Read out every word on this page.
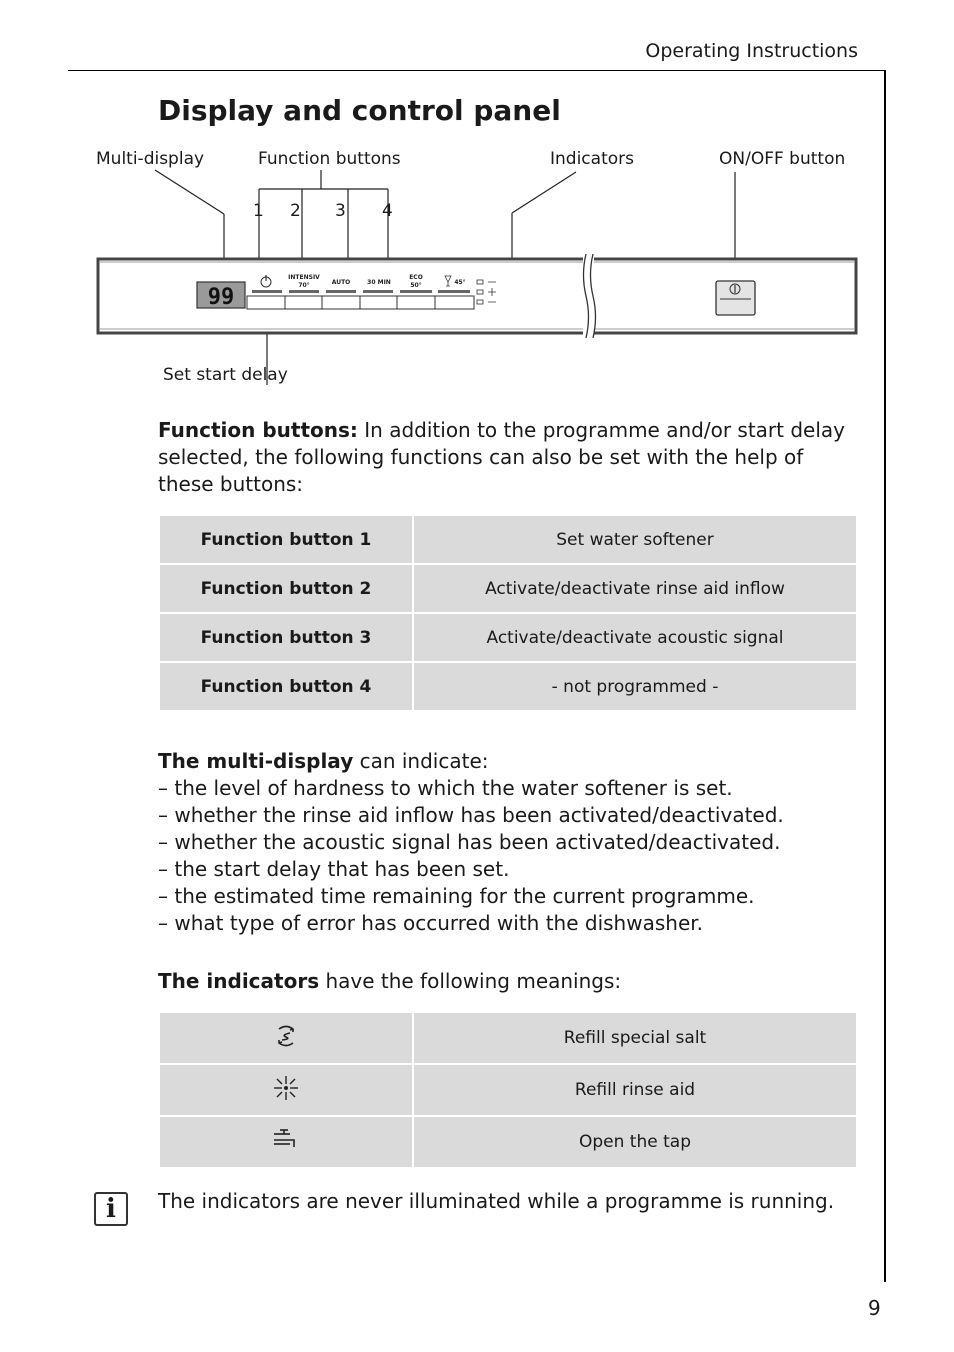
Operating Instructions
Display and control panel
Multi-display	Function buttons	Indicators	ON/OFF button
Set start delay
1 2 3 4
99
INTENSIV
70°	AUTO	30 MIN
ECO
50°	45°
Function buttons: In addition to the programme and/or start delay selected, the following functions can also be set with the help of these buttons:
Function button 1	Set water softener
Function button 2	Activate/deactivate rinse aid inflow
Function button 3	Activate/deactivate acoustic signal
Function button 4	- not programmed -
The multi-display can indicate:
– the level of hardness to which the water softener is set.
– whether the rinse aid inflow has been activated/deactivated.
– whether the acoustic signal has been activated/deactivated.
– the start delay that has been set.
– the estimated time remaining for the current programme.
– what type of error has occurred with the dishwasher.
The indicators have the following meanings:
	Refill special salt
	Refill rinse aid
	Open the tap
i	The indicators are never illuminated while a programme is running.
9
